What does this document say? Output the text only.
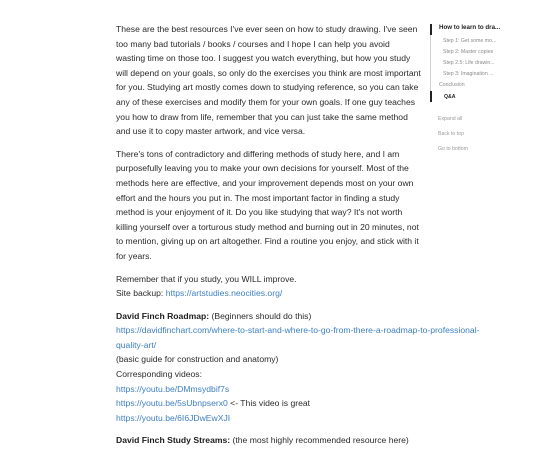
These are the best resources I've ever seen on how to study drawing. I've seen too many bad tutorials / books / courses and I hope I can help you avoid wasting time on those too. I suggest you watch everything, but how you study will depend on your goals, so only do the exercises you think are most important for you. Studying art mostly comes down to studying reference, so you can take any of these exercises and modify them for your own goals. If one guy teaches you how to draw from life, remember that you can just take the same method and use it to copy master artwork, and vice versa.

There's tons of contradictory and differing methods of study here, and I am purposefully leaving you to make your own decisions for yourself. Most of the methods here are effective, and your improvement depends most on your own effort and the hours you put in. The most important factor in finding a study method is your enjoyment of it. Do you like studying that way? It's not worth killing yourself over a torturous study method and burning out in 20 minutes, not to mention, giving up on art altogether. Find a routine you enjoy, and stick with it for years.

Remember that if you study, you WILL improve.
Site backup: https://artstudies.neocities.org/
David Finch Roadmap: (Beginners should do this)
https://davidfinchart.com/where-to-start-and-where-to-go-from-there-a-roadmap-to-professional-
quality-art/
(basic guide for construction and anatomy)
Corresponding videos:
https://youtu.be/DMmsydbif7s
https://youtu.be/5sUbnpserx0 <- This video is great
https://youtu.be/6I6JDwEwXJI
David Finch Study Streams: (the most highly recommended resource here)
How to learn to dra...
Step 1: Get some mo...
Step 2: Master copies
Step 2.5: Life drawin...
Step 3: Imagination ...
Conclusion
Q&A
Expand all
Back to top
Go to bottom
